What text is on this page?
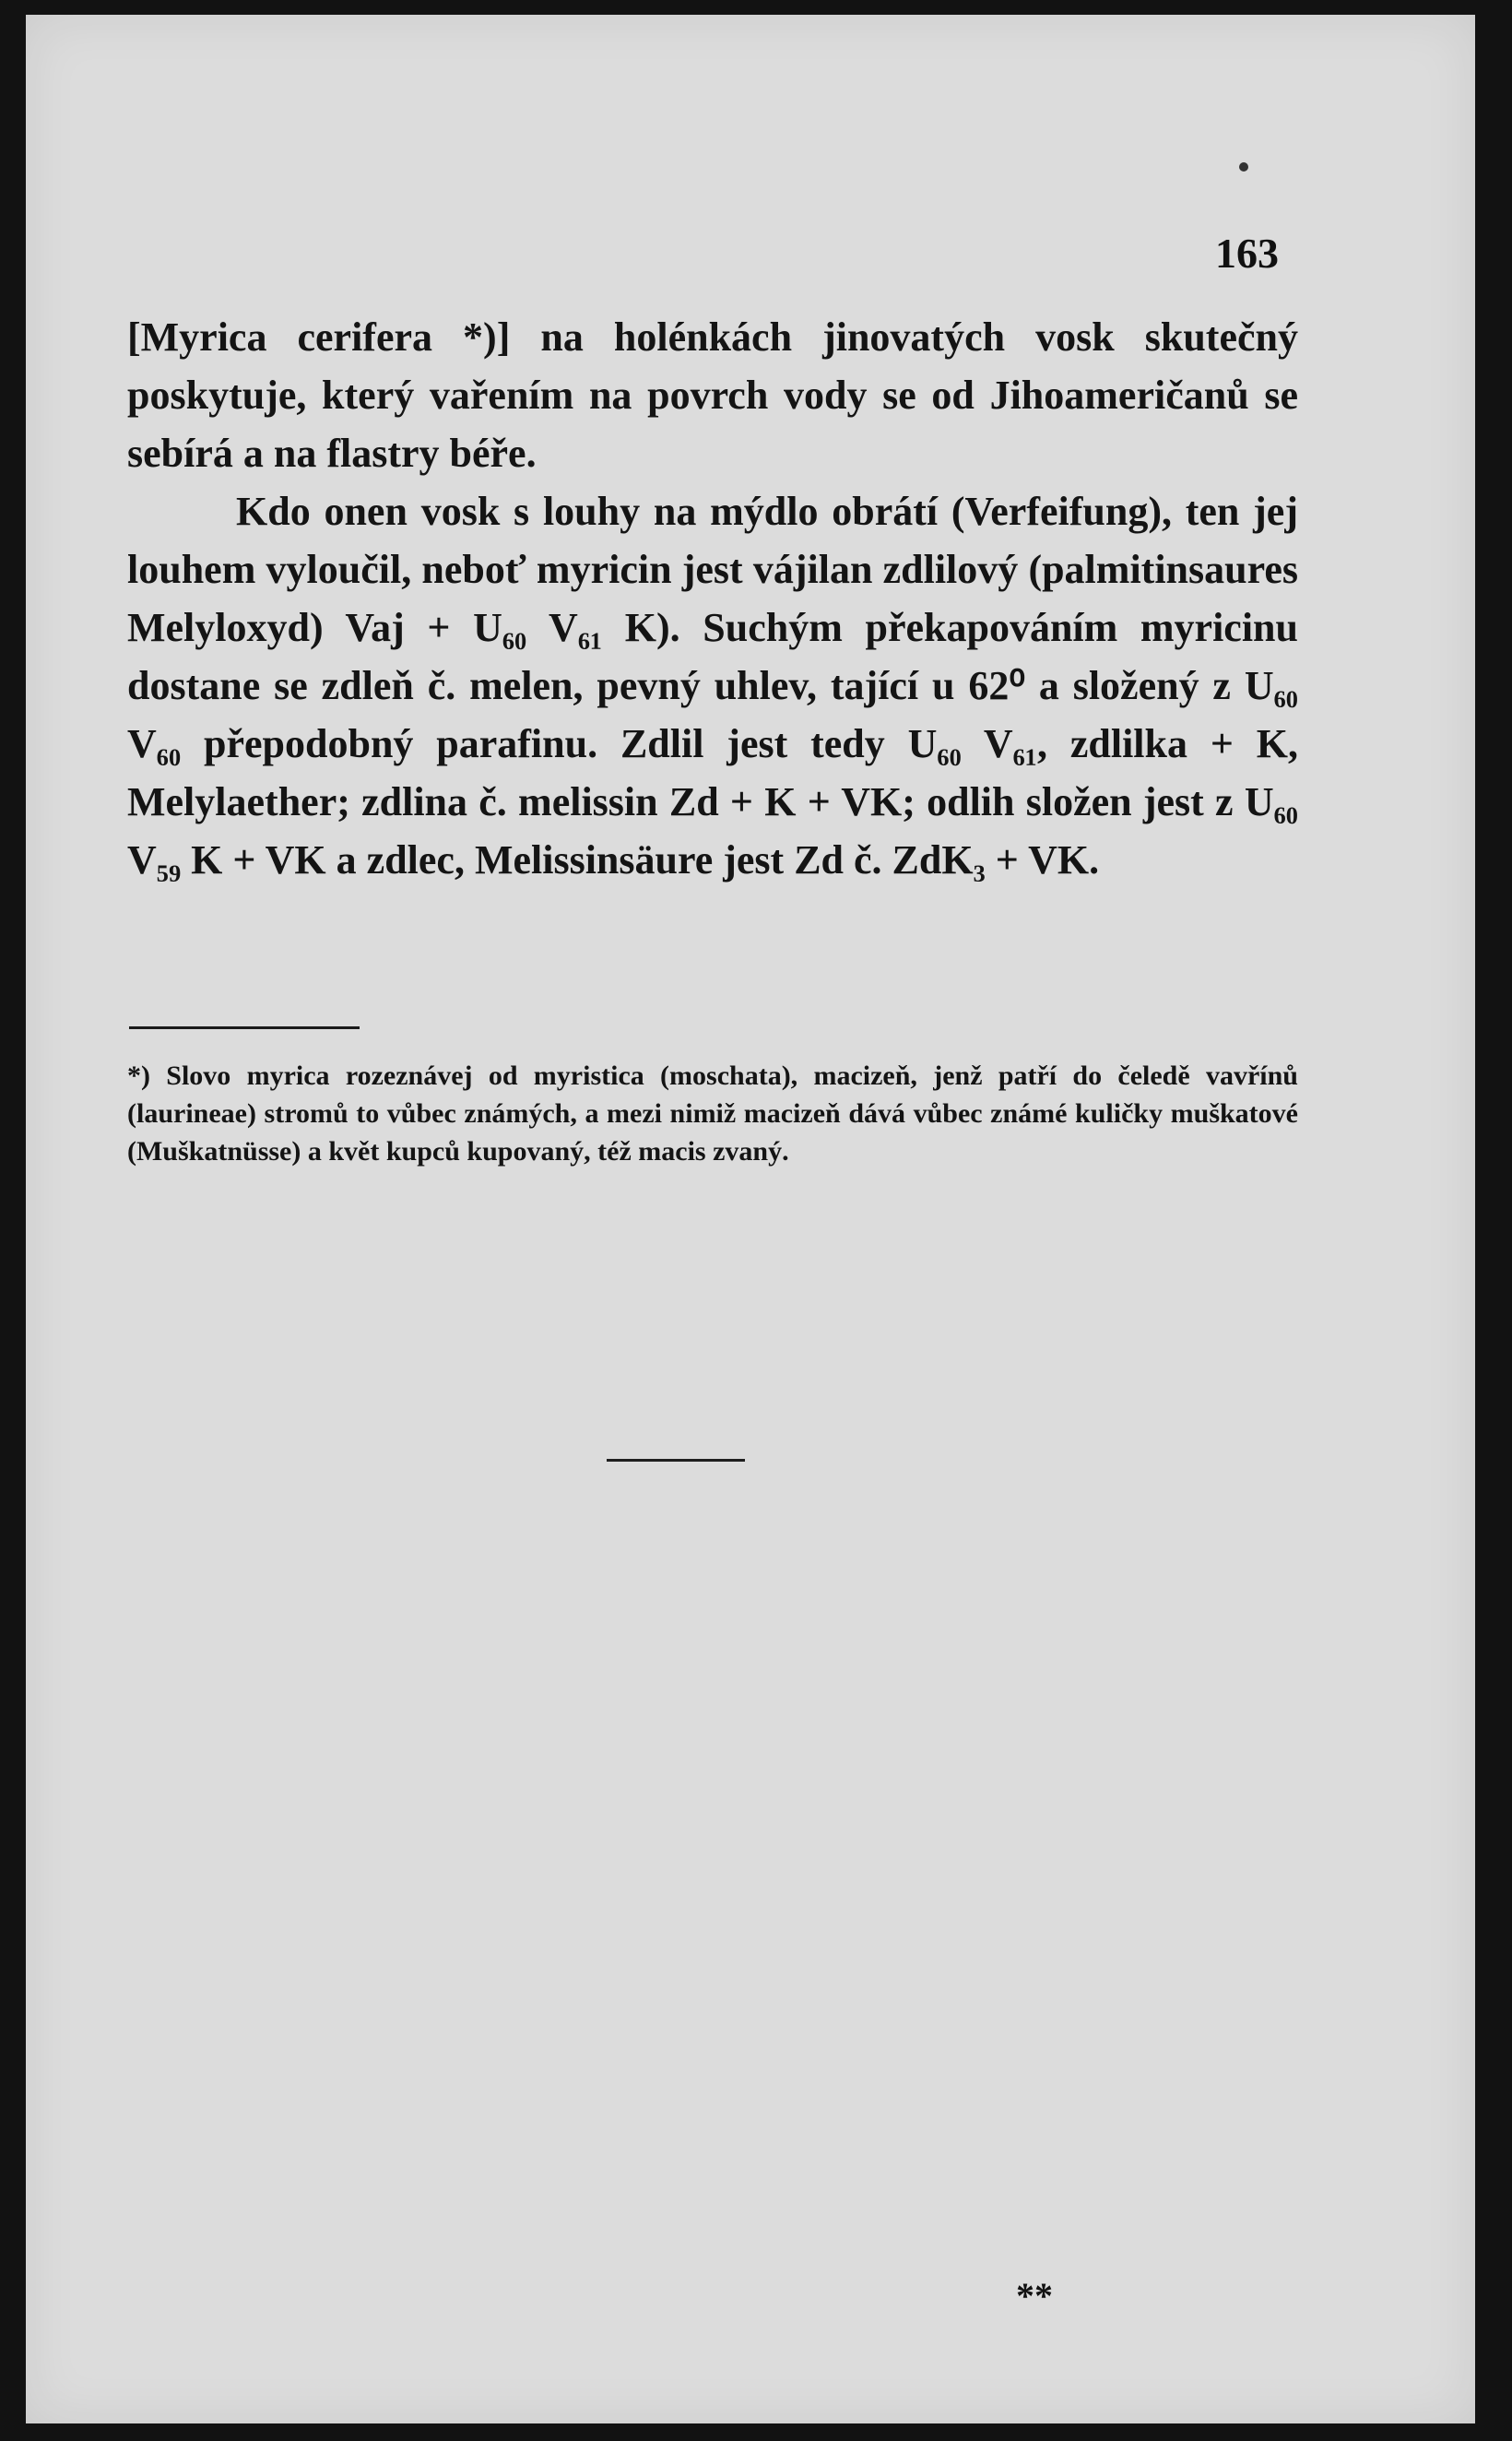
163

[Myrica cerifera *)] na holénkách jinovatých vosk skutečný poskytuje, který vařením na povrch vody se od Jihoameričanů se sebírá a na flastry béře.

Kdo onen vosk s louhy na mýdlo obrátí (Verfeifung), ten jej louhem vyloučil, neboť myricin jest vájilan zdlilový (palmitinsaures Melyloxyd) Vaj + U₆₀ V₆₁ K). Suchým překapováním myricinu dostane se zdleň č. melen, pevný uhlev, tající u 62⁰ a složený z U₆₀ V₆₀ přepodobný parafinu. Zdlil jest tedy U₆₀ V₆₁, zdlilka + K, Melylaether; zdlina č. melissin Zd + K + VK; odlih složen jest z U₆₀ V₅₉ K + VK a zdlec, Melissinsäure jest Zd č. ZdK₃ + VK.

*) Slovo myrica rozeznávej od myristica (moschata), macizeň, jenž patří do čeledě vavřínů (laurineae) stromů to vůbec známých, a mezi nimiž macizeň dává vůbec známé kuličky muškatové (Muškatnüsse) a květ kupců kupovaný, též macis zvaný.

**
